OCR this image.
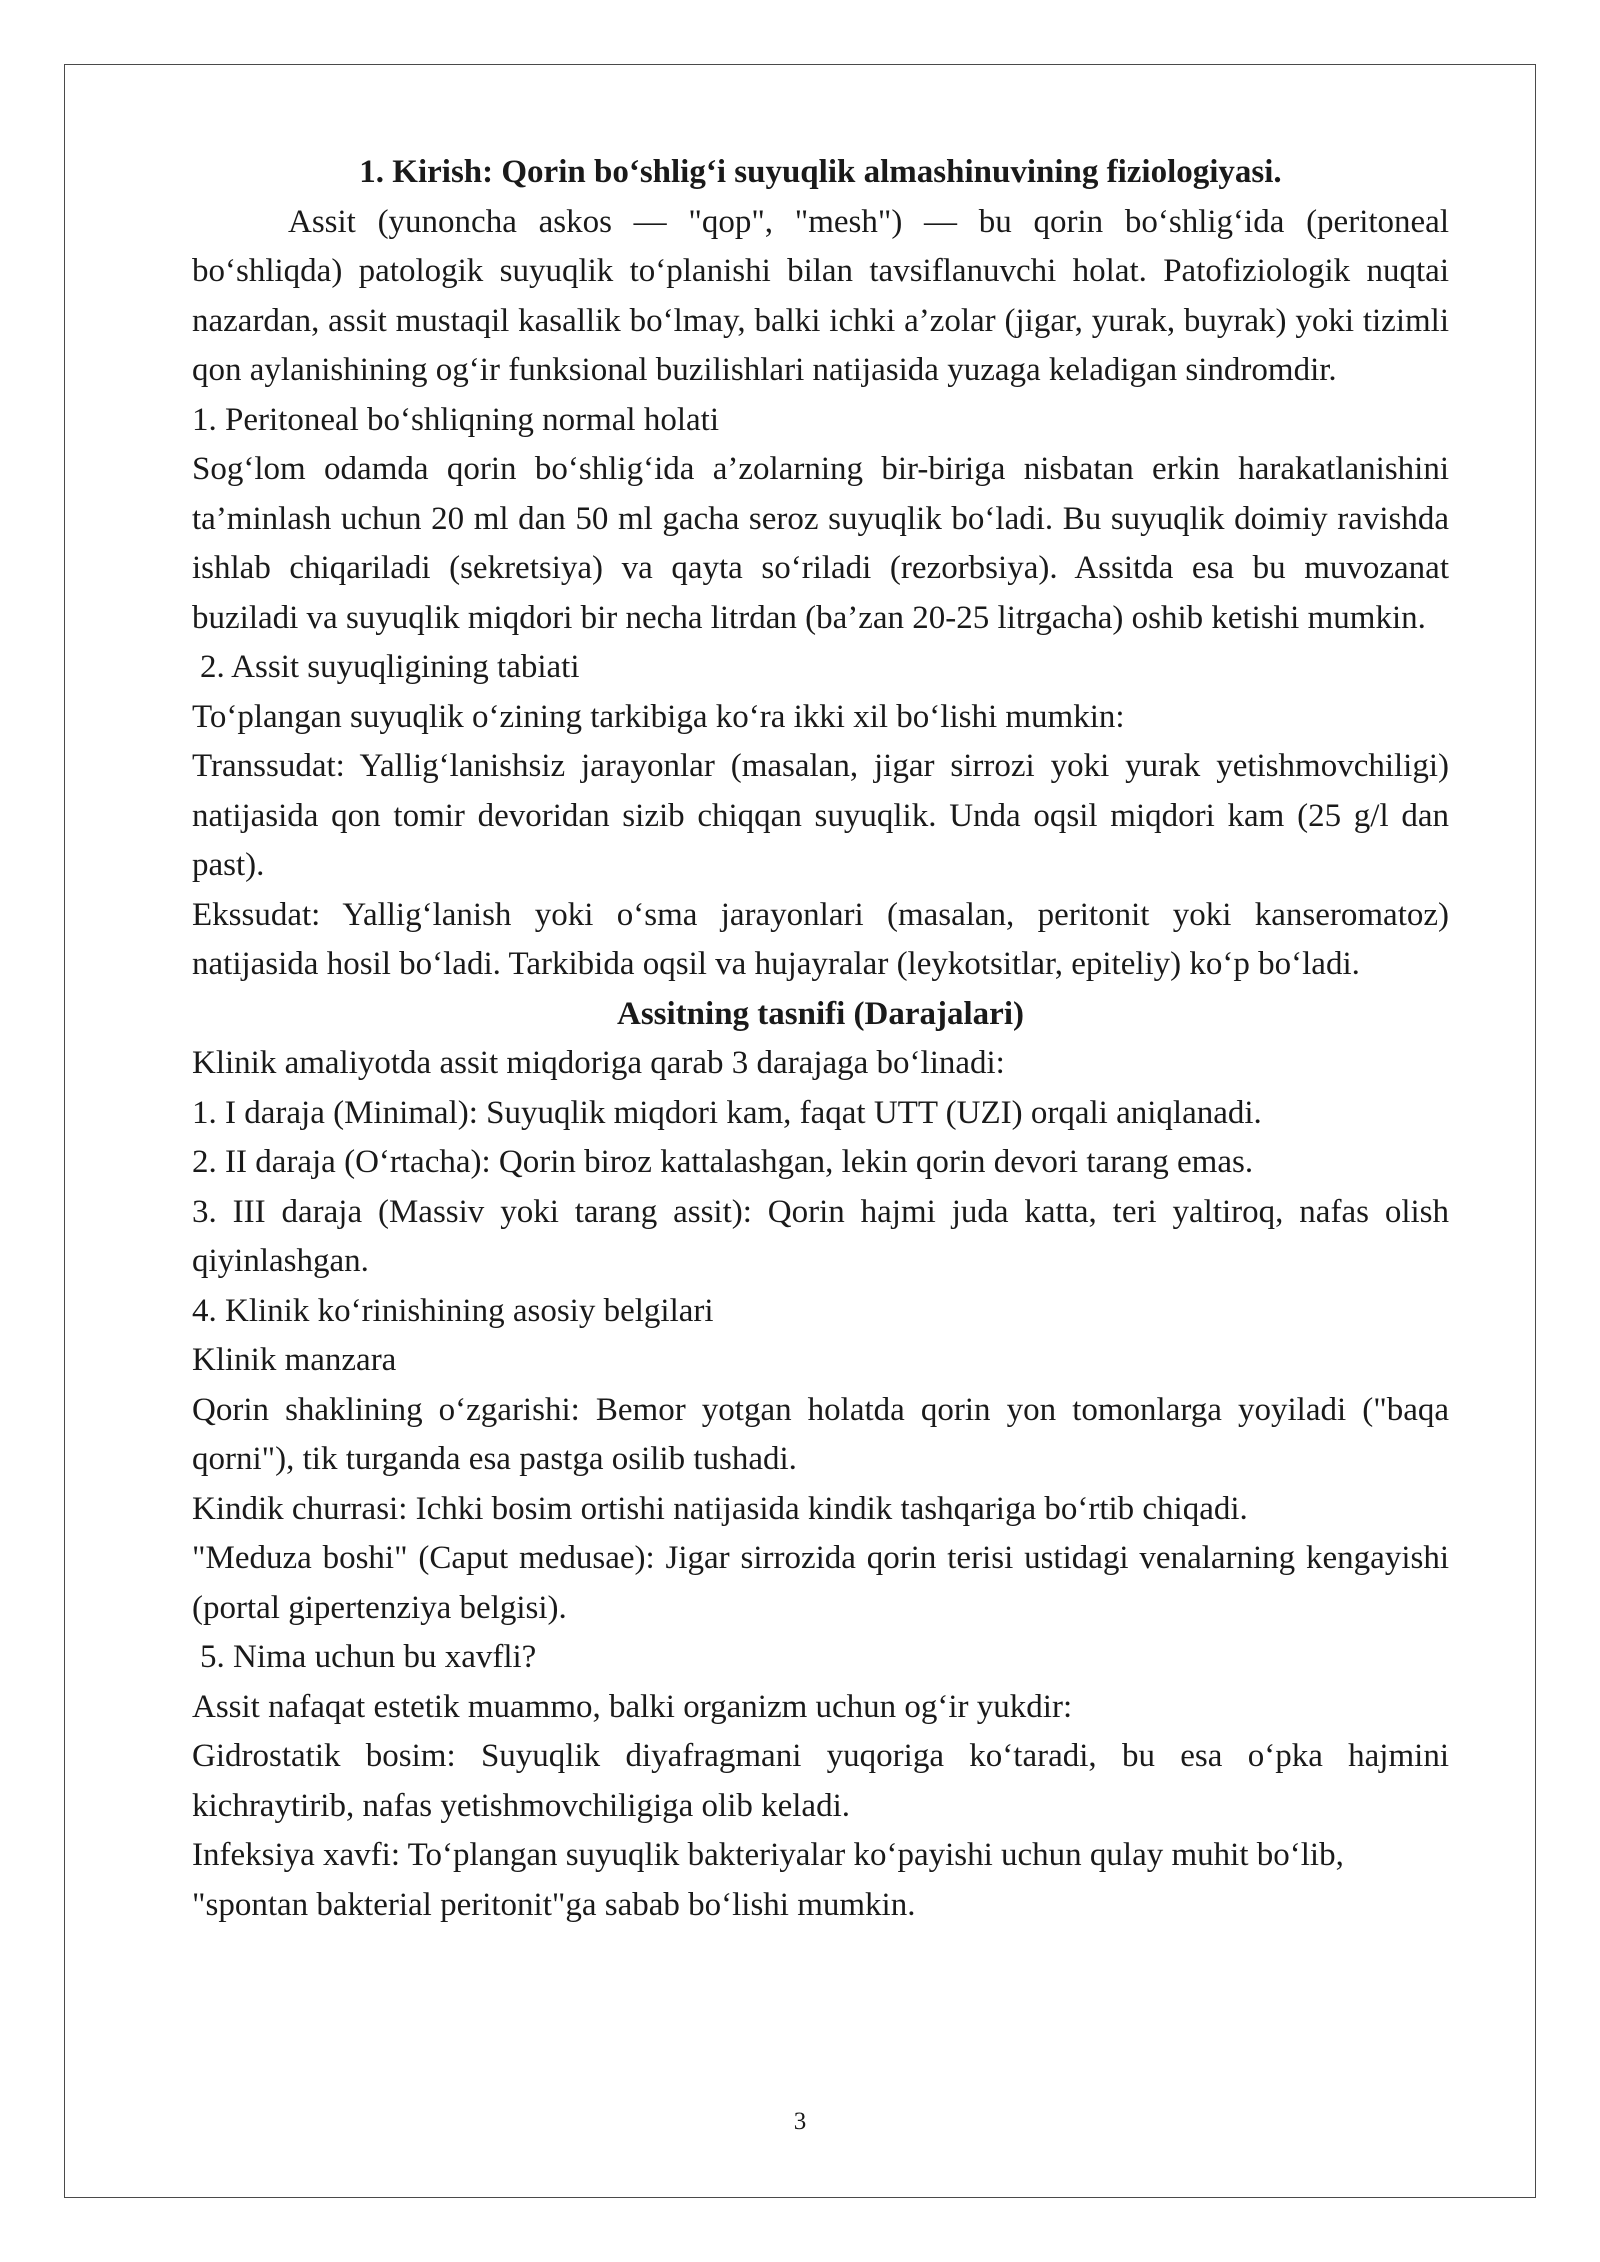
1. Kirish: Qorin bo‘shlig‘i suyuqlik almashinuvining fiziologiyasi.

Assit (yunoncha askos — "qop", "mesh") — bu qorin bo‘shlig‘ida (peritoneal bo‘shliqda) patologik suyuqlik to‘planishi bilan tavsiflanuvchi holat. Patofiziologik nuqtai nazardan, assit mustaqil kasallik bo‘lmay, balki ichki a’zolar (jigar, yurak, buyrak) yoki tizimli qon aylanishining og‘ir funksional buzilishlari natijasida yuzaga keladigan sindromdir.

1. Peritoneal bo‘shliqning normal holati

Sog‘lom odamda qorin bo‘shlig‘ida a’zolarning bir-biriga nisbatan erkin harakatlanishini ta’minlash uchun 20 ml dan 50 ml gacha seroz suyuqlik bo‘ladi. Bu suyuqlik doimiy ravishda ishlab chiqariladi (sekretsiya) va qayta so‘riladi (rezorbsiya). Assitda esa bu muvozanat buziladi va suyuqlik miqdori bir necha litrdan (ba’zan 20-25 litrgacha) oshib ketishi mumkin.

2. Assit suyuqligining tabiati

To‘plangan suyuqlik o‘zining tarkibiga ko‘ra ikki xil bo‘lishi mumkin:

Transsudat: Yallig‘lanishsiz jarayonlar (masalan, jigar sirrozi yoki yurak yetishmovchiligi) natijasida qon tomir devoridan sizib chiqqan suyuqlik. Unda oqsil miqdori kam (25 g/l dan past).

Ekssudat: Yallig‘lanish yoki o‘sma jarayonlari (masalan, peritonit yoki kanseromatoz) natijasida hosil bo‘ladi. Tarkibida oqsil va hujayralar (leykotsitlar, epiteliy) ko‘p bo‘ladi.

Assitning tasnifi (Darajalari)

Klinik amaliyotda assit miqdoriga qarab 3 darajaga bo‘linadi:

1. I daraja (Minimal): Suyuqlik miqdori kam, faqat UTT (UZI) orqali aniqlanadi.

2. II daraja (O‘rtacha): Qorin biroz kattalashgan, lekin qorin devori tarang emas.

3. III daraja (Massiv yoki tarang assit): Qorin hajmi juda katta, teri yaltiroq, nafas olish qiyinlashgan.

4. Klinik ko‘rinishining asosiy belgilari

Klinik manzara

Qorin shaklining o‘zgarishi: Bemor yotgan holatda qorin yon tomonlarga yoyiladi ("baqa qorni"), tik turganda esa pastga osilib tushadi.

Kindik churrasi: Ichki bosim ortishi natijasida kindik tashqariga bo‘rtib chiqadi.

"Meduza boshi" (Caput medusae): Jigar sirrozida qorin terisi ustidagi venalarning kengayishi (portal gipertenziya belgisi).

5. Nima uchun bu xavfli?

Assit nafaqat estetik muammo, balki organizm uchun og‘ir yukdir:

Gidrostatik bosim: Suyuqlik diyafragmani yuqoriga ko‘taradi, bu esa o‘pka hajmini kichraytirib, nafas yetishmovchiligiga olib keladi.

Infeksiya xavfi: To‘plangan suyuqlik bakteriyalar ko‘payishi uchun qulay muhit bo‘lib, "spontan bakterial peritonit"ga sabab bo‘lishi mumkin.

3
